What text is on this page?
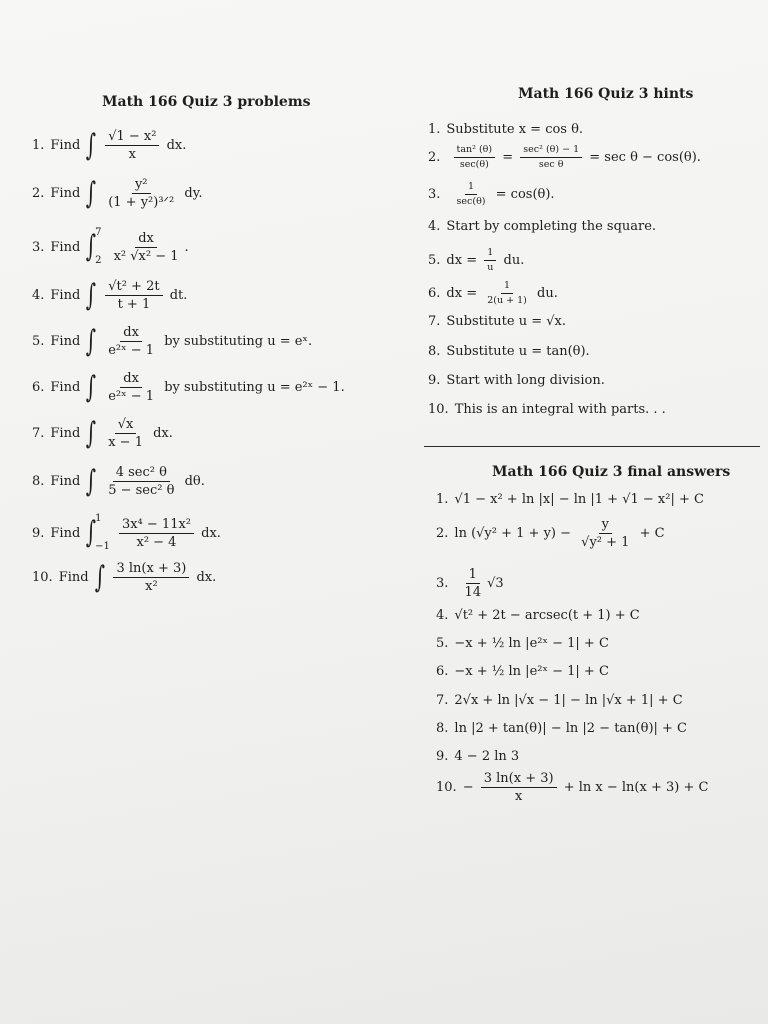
Math 166 Quiz 3 problems
1. Find ∫ $\frac{\text{√1 − x²}}{x}$ dx.
2. Find ∫ $\frac{\text{y²}}{\text{(1 + y²)³ᐟ²}}$ dy.
3. Find ∫
7
2
$\frac{dx}{\text{x² √x² − 1}}$ .
4. Find ∫ $\frac{\text{√t² + 2t}}{t + 1}$ dt.
5. Find ∫ $\frac{dx}{\text{e²ˣ − 1}}$ by substituting u = eˣ.
6. Find ∫ $\frac{dx}{\text{e²ˣ − 1}}$ by substituting u = e²ˣ − 1.
7. Find ∫ $\frac{√x}{x - 1}$ dx.
8. Find ∫ $\frac{\text{4 sec² θ}}{\text{5 − sec² θ}} d\theta$.
9. Find ∫
1
−1
$\frac{\text{3x⁴ − 11x²}}{\text{x² − 4}}$ dx.
10. Find ∫ $\frac{3 \ln(x + 3)}{\text{x²}}$ dx.
Math 166 Quiz 3 hints
1. Substitute x = cos θ.
2. $\frac{\text{tan² (θ)}}{\sec(\theta)} = \frac{\text{sec² (θ) − 1}}{\text{sec θ}} = \sec \theta - \cos(\theta)$.
3. $\frac{1}{\sec(\theta)} = \cos(\theta)$.
4. Start by completing the square.
5. dx = $\frac{1}{u}$ du.
6. dx = $\frac{1}{2(u + 1)}$ du.
7. Substitute u = √x.
8. Substitute u = tan(θ).
9. Start with long division.
10. This is an integral with parts. . .
Math 166 Quiz 3 final answers
1. √1 − x² + ln |x| − ln |1 + √1 − x²| + C
2. $\ln (√y^2 + 1 + y) - \frac{y}{\text{√y² + 1}} + C$
3. $\frac{1}{14} √3$
4. √t² + 2t − arcsec(t + 1) + C
5. −x + ½ ln |e²ˣ − 1| + C
6. −x + ½ ln |e²ˣ − 1| + C
7. 2√x + ln |√x − 1| − ln |√x + 1| + C
8. ln |2 + tan(θ)| − ln |2 − tan(θ)| + C
9. 4 − 2 ln 3
10. − $\frac{3 \ln(x + 3)}{x} + \ln x - \ln(x + 3) + C$
